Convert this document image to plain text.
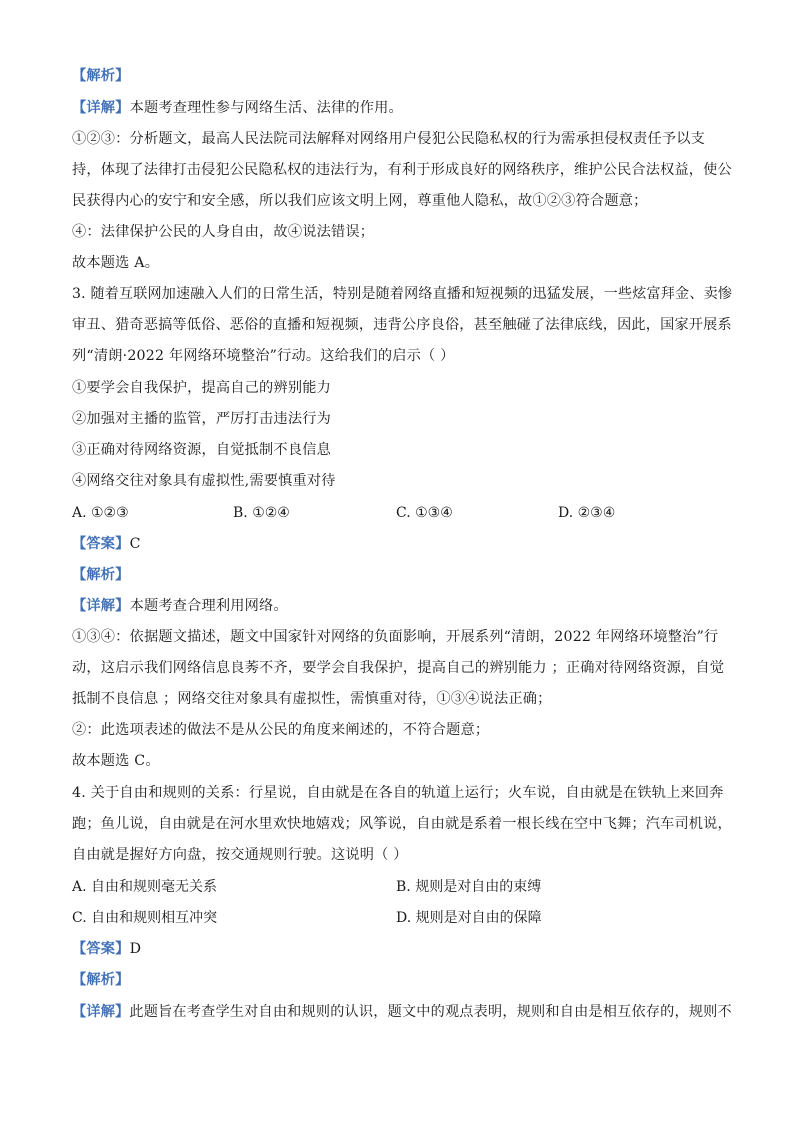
【解析】
【详解】本题考查理性参与网络生活、法律的作用。
①②③：分析题文，最高人民法院司法解释对网络用户侵犯公民隐私权的行为需承担侵权责任予以支
持，体现了法律打击侵犯公民隐私权的违法行为，有利于形成良好的网络秩序，维护公民合法权益，使公
民获得内心的安宁和安全感，所以我们应该文明上网，尊重他人隐私，故①②③符合题意；
④：法律保护公民的人身自由，故④说法错误；
故本题选 A。
3. 随着互联网加速融入人们的日常生活，特别是随着网络直播和短视频的迅猛发展，一些炫富拜金、卖惨
审丑、猎奇恶搞等低俗、恶俗的直播和短视频，违背公序良俗，甚至触碰了法律底线，因此，国家开展系
列“清朗·2022 年网络环境整治”行动。这给我们的启示（ ）
①要学会自我保护，提高自己的辨别能力
②加强对主播的监管，严厉打击违法行为
③正确对待网络资源，自觉抵制不良信息
④网络交往对象具有虚拟性,需要慎重对待
A. ①②③	B. ①②④	C. ①③④	D. ②③④
【答案】C
【解析】
【详解】本题考查合理利用网络。
①③④：依据题文描述，题文中国家针对网络的负面影响，开展系列“清朗，2022 年网络环境整治”行
动，这启示我们网络信息良莠不齐，要学会自我保护，提高自己的辨别能力 ；正确对待网络资源，自觉
抵制不良信息 ；网络交往对象具有虚拟性，需慎重对待，①③④说法正确；
②：此选项表述的做法不是从公民的角度来阐述的，不符合题意；
故本题选 C。
4. 关于自由和规则的关系：行星说，自由就是在各自的轨道上运行；火车说，自由就是在铁轨上来回奔
跑；鱼儿说，自由就是在河水里欢快地嬉戏；风筝说，自由就是系着一根长线在空中飞舞；汽车司机说，
自由就是握好方向盘，按交通规则行驶。这说明（ ）
A. 自由和规则毫无关系	B. 规则是对自由的束缚
C. 自由和规则相互冲突	D. 规则是对自由的保障
【答案】D
【解析】
【详解】此题旨在考查学生对自由和规则的认识，题文中的观点表明，规则和自由是相互依存的，规则不
